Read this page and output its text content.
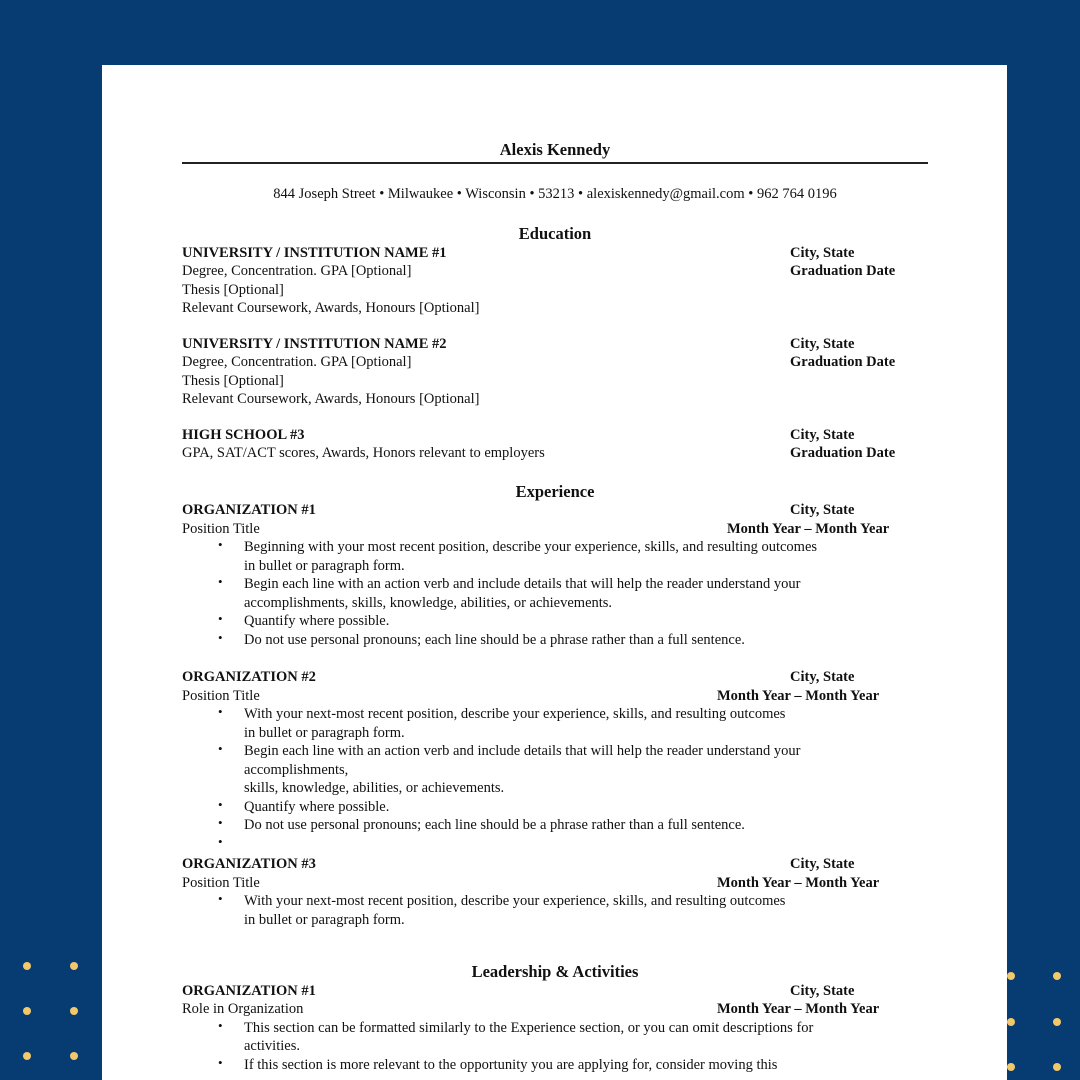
Alexis Kennedy
844 Joseph Street • Milwaukee • Wisconsin • 53213 • alexiskennedy@gmail.com • 962 764 0196
Education
UNIVERSITY / INSTITUTION NAME #1	City, State
Degree, Concentration. GPA [Optional]	Graduation Date
Thesis [Optional]
Relevant Coursework, Awards, Honours [Optional]
UNIVERSITY / INSTITUTION NAME #2	City, State
Degree, Concentration. GPA [Optional]	Graduation Date
Thesis [Optional]
Relevant Coursework, Awards, Honours [Optional]
HIGH SCHOOL #3	City, State
GPA, SAT/ACT scores, Awards, Honors relevant to employers	Graduation Date
Experience
ORGANIZATION #1	City, State
Position Title	Month Year – Month Year
• Beginning with your most recent position, describe your experience, skills, and resulting outcomes
in bullet or paragraph form.
• Begin each line with an action verb and include details that will help the reader understand your
accomplishments, skills, knowledge, abilities, or achievements.
• Quantify where possible.
• Do not use personal pronouns; each line should be a phrase rather than a full sentence.
ORGANIZATION #2	City, State
Position Title	Month Year – Month Year
• With your next-most recent position, describe your experience, skills, and resulting outcomes
in bullet or paragraph form.
• Begin each line with an action verb and include details that will help the reader understand your
accomplishments,
skills, knowledge, abilities, or achievements.
• Quantify where possible.
• Do not use personal pronouns; each line should be a phrase rather than a full sentence.
•

ORGANIZATION #3	City, State
Position Title	Month Year – Month Year
• With your next-most recent position, describe your experience, skills, and resulting outcomes
in bullet or paragraph form.
Leadership & Activities
ORGANIZATION #1	City, State
Role in Organization	Month Year – Month Year
• This section can be formatted similarly to the Experience section, or you can omit descriptions for
activities.
• If this section is more relevant to the opportunity you are applying for, consider moving this
